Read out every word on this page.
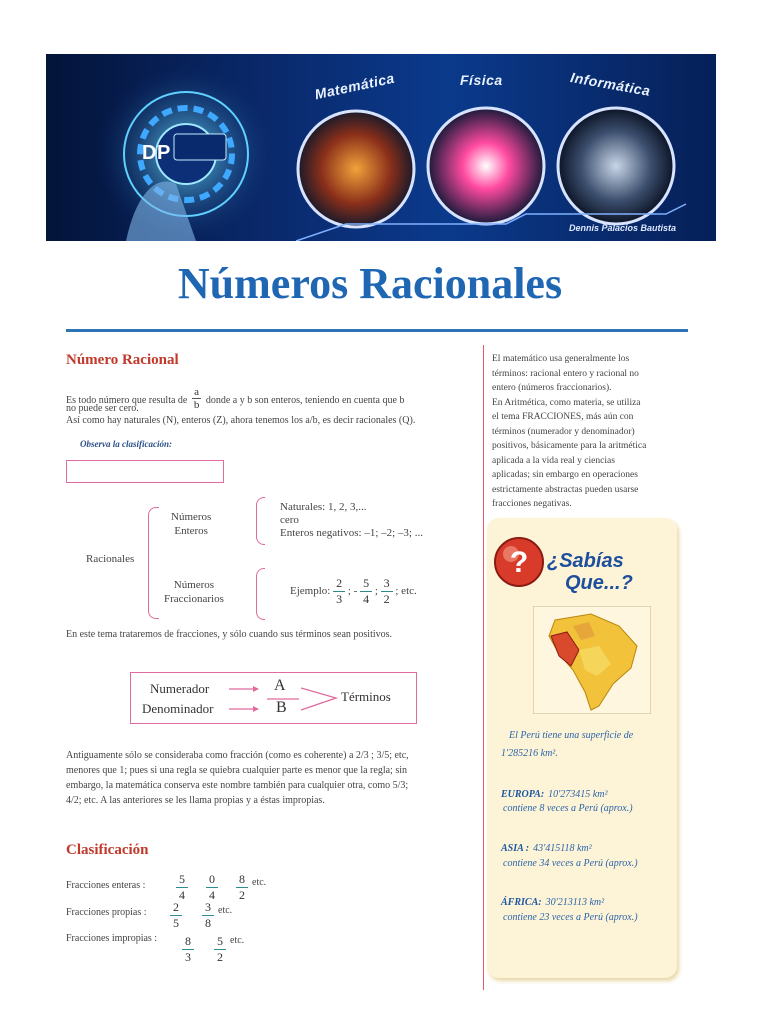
DP
Matemática	Física	Informática
Dennis Palacios Bautista
Números Racionales
Número Racional
Es todo número que resulta de $\frac{a}{b}$ donde a y b son enteros, teniendo en cuenta que b
no puede ser cero.
Así como hay naturales (N), enteros (Z), ahora tenemos los a/b, es decir racionales (Q).
Observa la clasificación:
Racionales
Números
Enteros
Números
Fraccionarios
Naturales: 1, 2, 3,...
cero
Enteros negativos: –1; –2; –3; ...
Ejemplo: $\frac{2}{3}$ ; - $\frac{5}{4}$ ; $\frac{3}{2}$ ; etc.
En este tema trataremos de fracciones, y sólo cuando sus términos sean positivos.
Numerador
Denominador
A
B
Términos
Antiguamente sólo se consideraba como fracción (como es coherente) a 2/3 ; 3/5; etc,
menores que 1; pues si una regla se quiebra cualquier parte es menor que la regla; sin
embargo, la matemática conserva este nombre también para cualquier otra, como 5/3;
4/2; etc. A las anteriores se les llama propias y a éstas impropias.
Clasificación
Fracciones enteras :	$\frac{5}{4}$
$\frac{0}{4}$
$\frac{8}{2} ^{etc.}$
Fracciones propias : $\frac{2}{5}$
$\frac{3}{8} ^{etc.}$
Fracciones impropias : $\frac{8}{3}$
$\frac{5}{2} ^{etc.}$
El matemático usa generalmente los
términos: racional entero y racional no
entero (números fraccionarios).
En Aritmética, como materia, se utiliza
el tema FRACCIONES, más aún con
términos (numerador y denominador)
positivos, básicamente para la aritmética
aplicada a la vida real y ciencias
aplicadas; sin embargo en operaciones
estrictamente abstractas pueden usarse
fracciones negativas.
? ¿Sabías
Que...?
El Perú tiene una superficie de
1'285216 km².
EUROPA: 10'273415 km²
contiene 8 veces a Perú (aprox.)
ASIA : 43'415118 km²
contiene 34 veces a Perú (aprox.)
ÁFRICA: 30'213113 km²
contiene 23 veces a Perú (aprox.)
